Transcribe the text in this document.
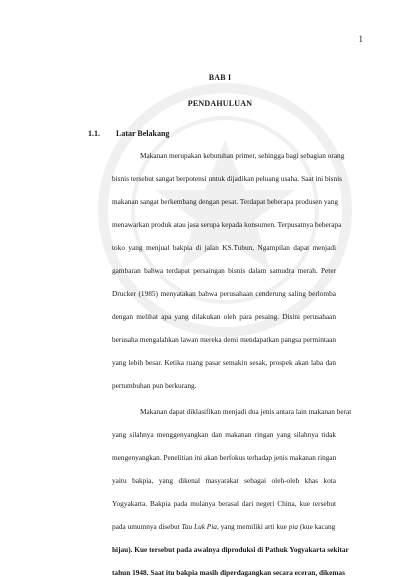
1
BAB I
PENDAHULUAN
1.1. Latar Belakang
Makanan merupakan kebutuhan primer, sehingga bagi sebagian orang
bisnis tersebut sangat berpotensi untuk dijadikan peluang usaha. Saat ini bisnis
makanan sangat berkembang dengan pesat. Terdapat beberapa produsen yang
menawarkan produk atau jasa serupa kepada konsumen. Terpusatnya beberapa
toko yang menjual bakpia di jalan KS.Tubun, Ngampilan dapat menjadi
gambaran bahwa terdapat persaingan bisnis dalam samudra merah. Peter
Drucker (1985) menyatakan bahwa perusahaan cenderung saling berlomba
dengan melihat apa yang dilakukan oleh para pesaing. Disini perusahaan
berusaha mengalahkan lawan mereka demi mendapatkan pangsa permintaan
yang lebih besar. Ketika ruang pasar semakin sesak, prospek akan laba dan
pertumbuhan pun berkurang.
Makanan dapat diklasifikan menjadi dua jenis antara lain makanan berat
yang silahnya menggenyangkan dan makanan ringan yang silahnya tidak
mengenyangkan. Penelitian ini akan berfokus terhadap jenis makanan ringan
yaitu bakpia, yang dikenal masyarakat sebagai oleh-oleh khas kota
Yogyakarta. Bakpia pada mulanya berasal dari negeri China, kue tersebut
pada umumnya disebut Tau Luk Pia, yang memiliki arti kue pia (kue kacang
hijau). Kue tersebut pada awalnya diproduksi di Pathuk Yogyakarta sekitar
tahun 1948. Saat itu bakpia masih diperdagangkan secara eceran, dikemas
